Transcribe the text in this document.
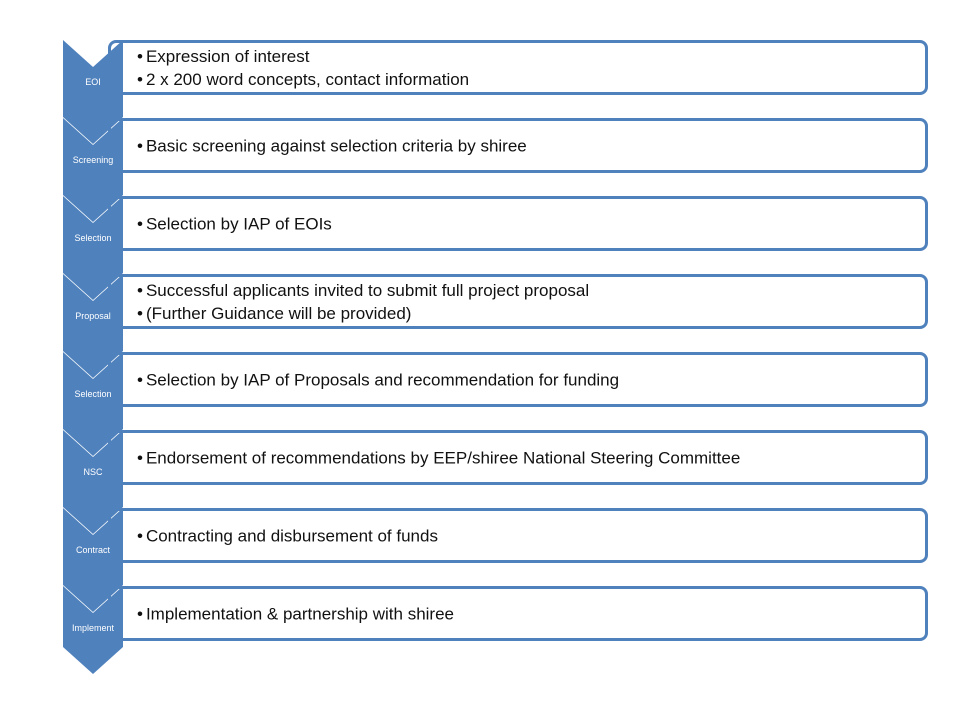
• Expression of interest
• 2 x 200 word concepts, contact information
• Basic screening against selection criteria by shiree
• Selection by IAP of EOIs
• Successful applicants invited to submit full project proposal
• (Further Guidance will be provided)
• Selection by IAP of Proposals and recommendation for funding
• Endorsement of recommendations by EEP/shiree National Steering Committee
• Contracting and disbursement of funds
• Implementation & partnership with shiree
EOI
Screening
Selection
Proposal
Selection
NSC
Contract
Implement
